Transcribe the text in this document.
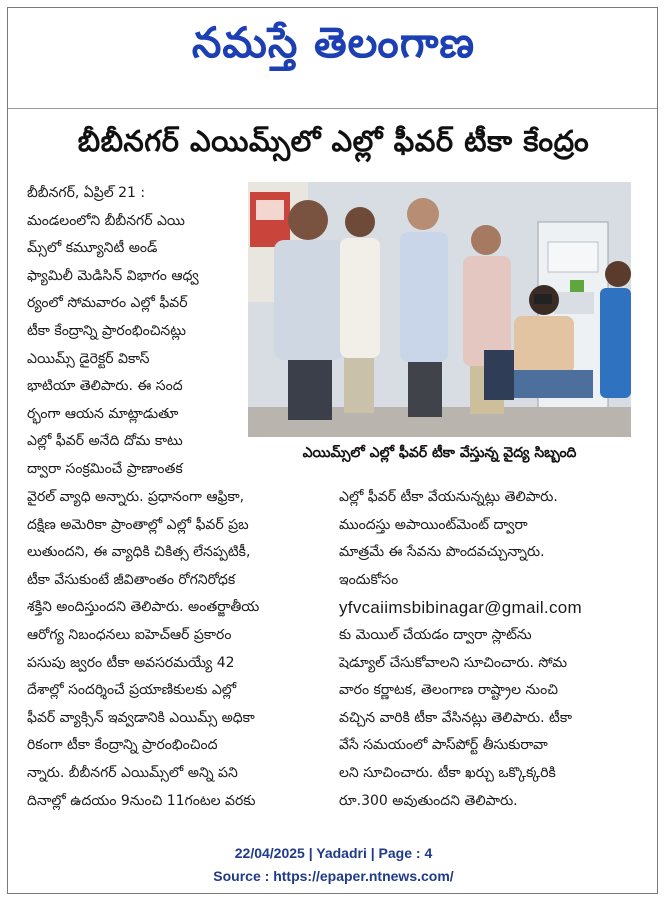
నమస్తే తెలంగాణ
బీబీనగర్ ఎయిమ్స్‌లో ఎల్లో ఫీవర్ టీకా కేంద్రం

బీబీనగర్, ఏప్రిల్ 21 :

మండలంలోని బీబీనగర్ ఎయి

మ్స్‌లో కమ్యూనిటీ అండ్

ఫ్యామిలీ మెడిసిన్ విభాగం ఆధ్వ

ర్యంలో సోమవారం ఎల్లో ఫీవర్

టీకా కేంద్రాన్ని ప్రారంభించినట్లు

ఎయిమ్స్ డైరెక్టర్ వికాస్

భాటియా తెలిపారు. ఈ సంద

ర్భంగా ఆయన మాట్లాడుతూ

ఎల్లో ఫీవర్ అనేది దోమ కాటు

ద్వారా సంక్రమించే ప్రాణాంతక

ఎయిమ్స్‌లో ఎల్లో ఫీవర్ టీకా వేస్తున్న వైద్య సిబ్బంది

వైరల్ వ్యాధి అన్నారు. ప్రధానంగా ఆఫ్రికా,

దక్షిణ అమెరికా ప్రాంతాల్లో ఎల్లో ఫీవర్ ప్రబ

లుతుందని, ఈ వ్యాధికి చికిత్స లేనప్పటికీ,

టీకా వేసుకుంటే జీవితాంతం రోగనిరోధక

శక్తిని అందిస్తుందని తెలిపారు. అంతర్జాతీయ

ఆరోగ్య నిబంధనలు ఐహెచ్ఆర్ ప్రకారం

పసుపు జ్వరం టీకా అవసరమయ్యే 42

దేశాల్లో సందర్శించే ప్రయాణికులకు ఎల్లో

ఫీవర్ వ్యాక్సిన్ ఇవ్వడానికి ఎయిమ్స్ అధికా

రికంగా టీకా కేంద్రాన్ని ప్రారంభించింద

న్నారు. బీబీనగర్ ఎయిమ్స్‌లో అన్ని పని

దినాల్లో ఉదయం 9నుంచి 11గంటల వరకు

ఎల్లో ఫీవర్ టీకా వేయనున్నట్లు తెలిపారు.

ముందస్తు అపాయింట్‌మెంట్ ద్వారా

మాత్రమే ఈ సేవను పొందవచ్చున్నారు.

ఇందుకోసం

yfvcaiimsbibinagar@gmail.com

కు మెయిల్ చేయడం ద్వారా స్లాట్‌ను

షెడ్యూల్ చేసుకోవాలని సూచించారు. సోమ

వారం కర్ణాటక, తెలంగాణ రాష్ట్రాల నుంచి

వచ్చిన వారికి టీకా వేసినట్లు తెలిపారు. టీకా

వేసే సమయంలో పాస్‌పోర్ట్ తీసుకురావా

లని సూచించారు. టీకా ఖర్చు ఒక్కొక్కరికి

రూ.300 అవుతుందని తెలిపారు.

22/04/2025 | Yadadri | Page : 4
Source : https://epaper.ntnews.com/
